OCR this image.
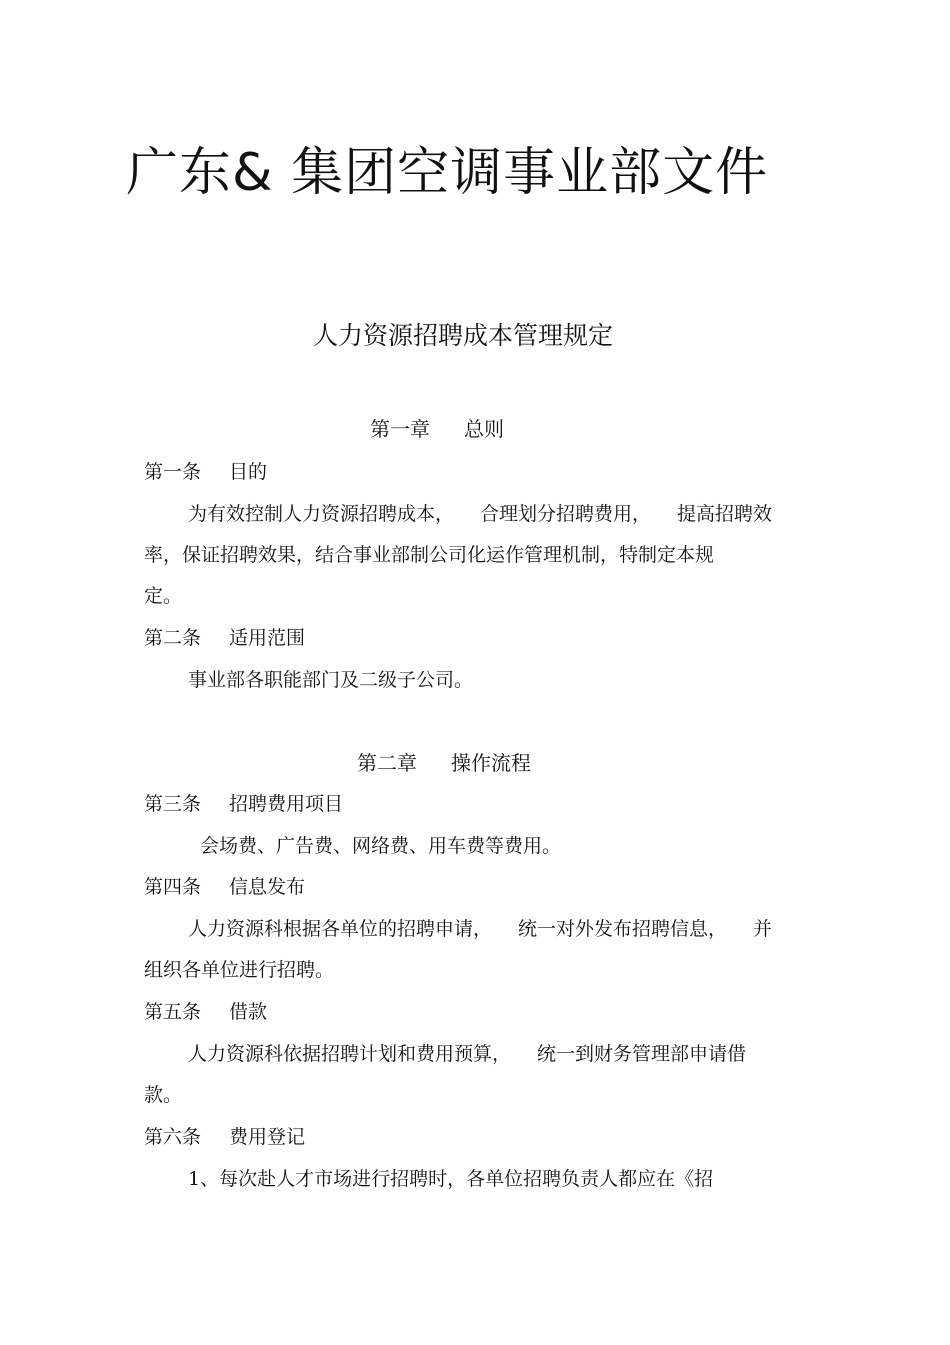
广东& 集团空调事业部文件
人力资源招聘成本管理规定
第一章 总则
第一条 目的
为有效控制人力资源招聘成本， 合理划分招聘费用， 提高招聘效
率，保证招聘效果，结合事业部制公司化运作管理机制，特制定本规
定。
第二条 适用范围
事业部各职能部门及二级子公司。
第二章 操作流程
第三条 招聘费用项目
会场费、广告费、网络费、用车费等费用。
第四条 信息发布
人力资源科根据各单位的招聘申请， 统一对外发布招聘信息， 并
组织各单位进行招聘。
第五条 借款
人力资源科依据招聘计划和费用预算， 统一到财务管理部申请借
款。
第六条 费用登记
1、每次赴人才市场进行招聘时，各单位招聘负责人都应在《招
